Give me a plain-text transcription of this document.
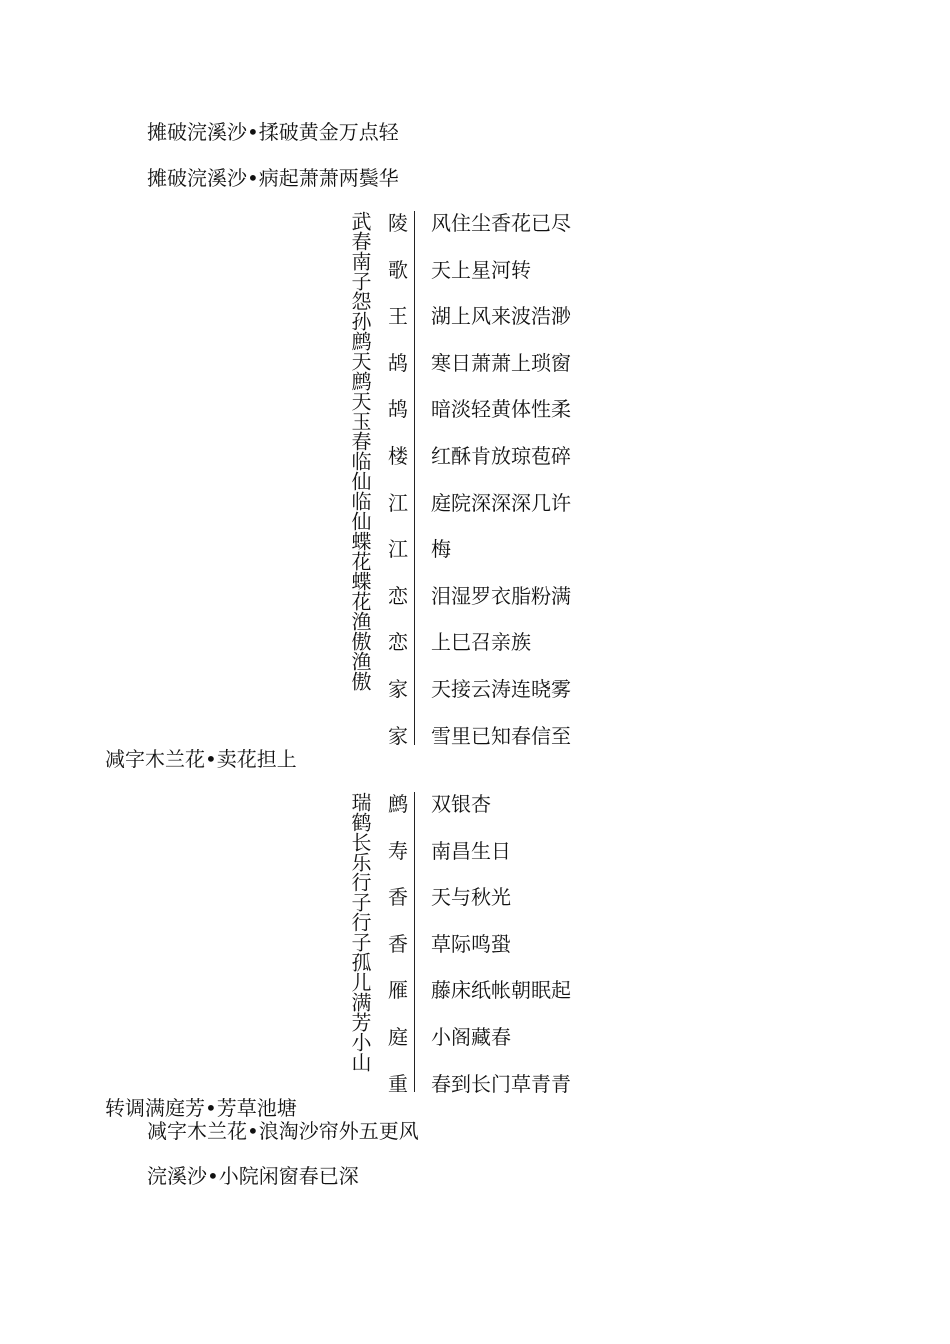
摊破浣溪沙•揉破黄金万点轻
摊破浣溪沙•病起萧萧两鬓华
武春南子怨孙鹧天鹧天玉春临仙临仙蝶花蝶花渔傲渔傲 陵
歌
王
鸪
鸪
楼
江
江
恋
恋
家
家
风住尘香花已尽
天上星河转
湖上风来波浩渺
寒日萧萧上琐窗
暗淡轻黄体性柔
红酥肯放琼苞碎
庭院深深深几许
梅
泪湿罗衣脂粉满
上巳召亲族
天接云涛连晓雾
雪里已知春信至
减字木兰花•卖花担上
瑞鹤长乐行子行子孤儿满芳小山 鹧
寿
香
香
雁
庭
重
双银杏
南昌生日
天与秋光
草际鸣蛩
藤床纸帐朝眠起
小阁藏春
春到长门草青青
转调满庭芳•芳草池塘
减字木兰花•浪淘沙帘外五更风
浣溪沙•小院闲窗春已深
